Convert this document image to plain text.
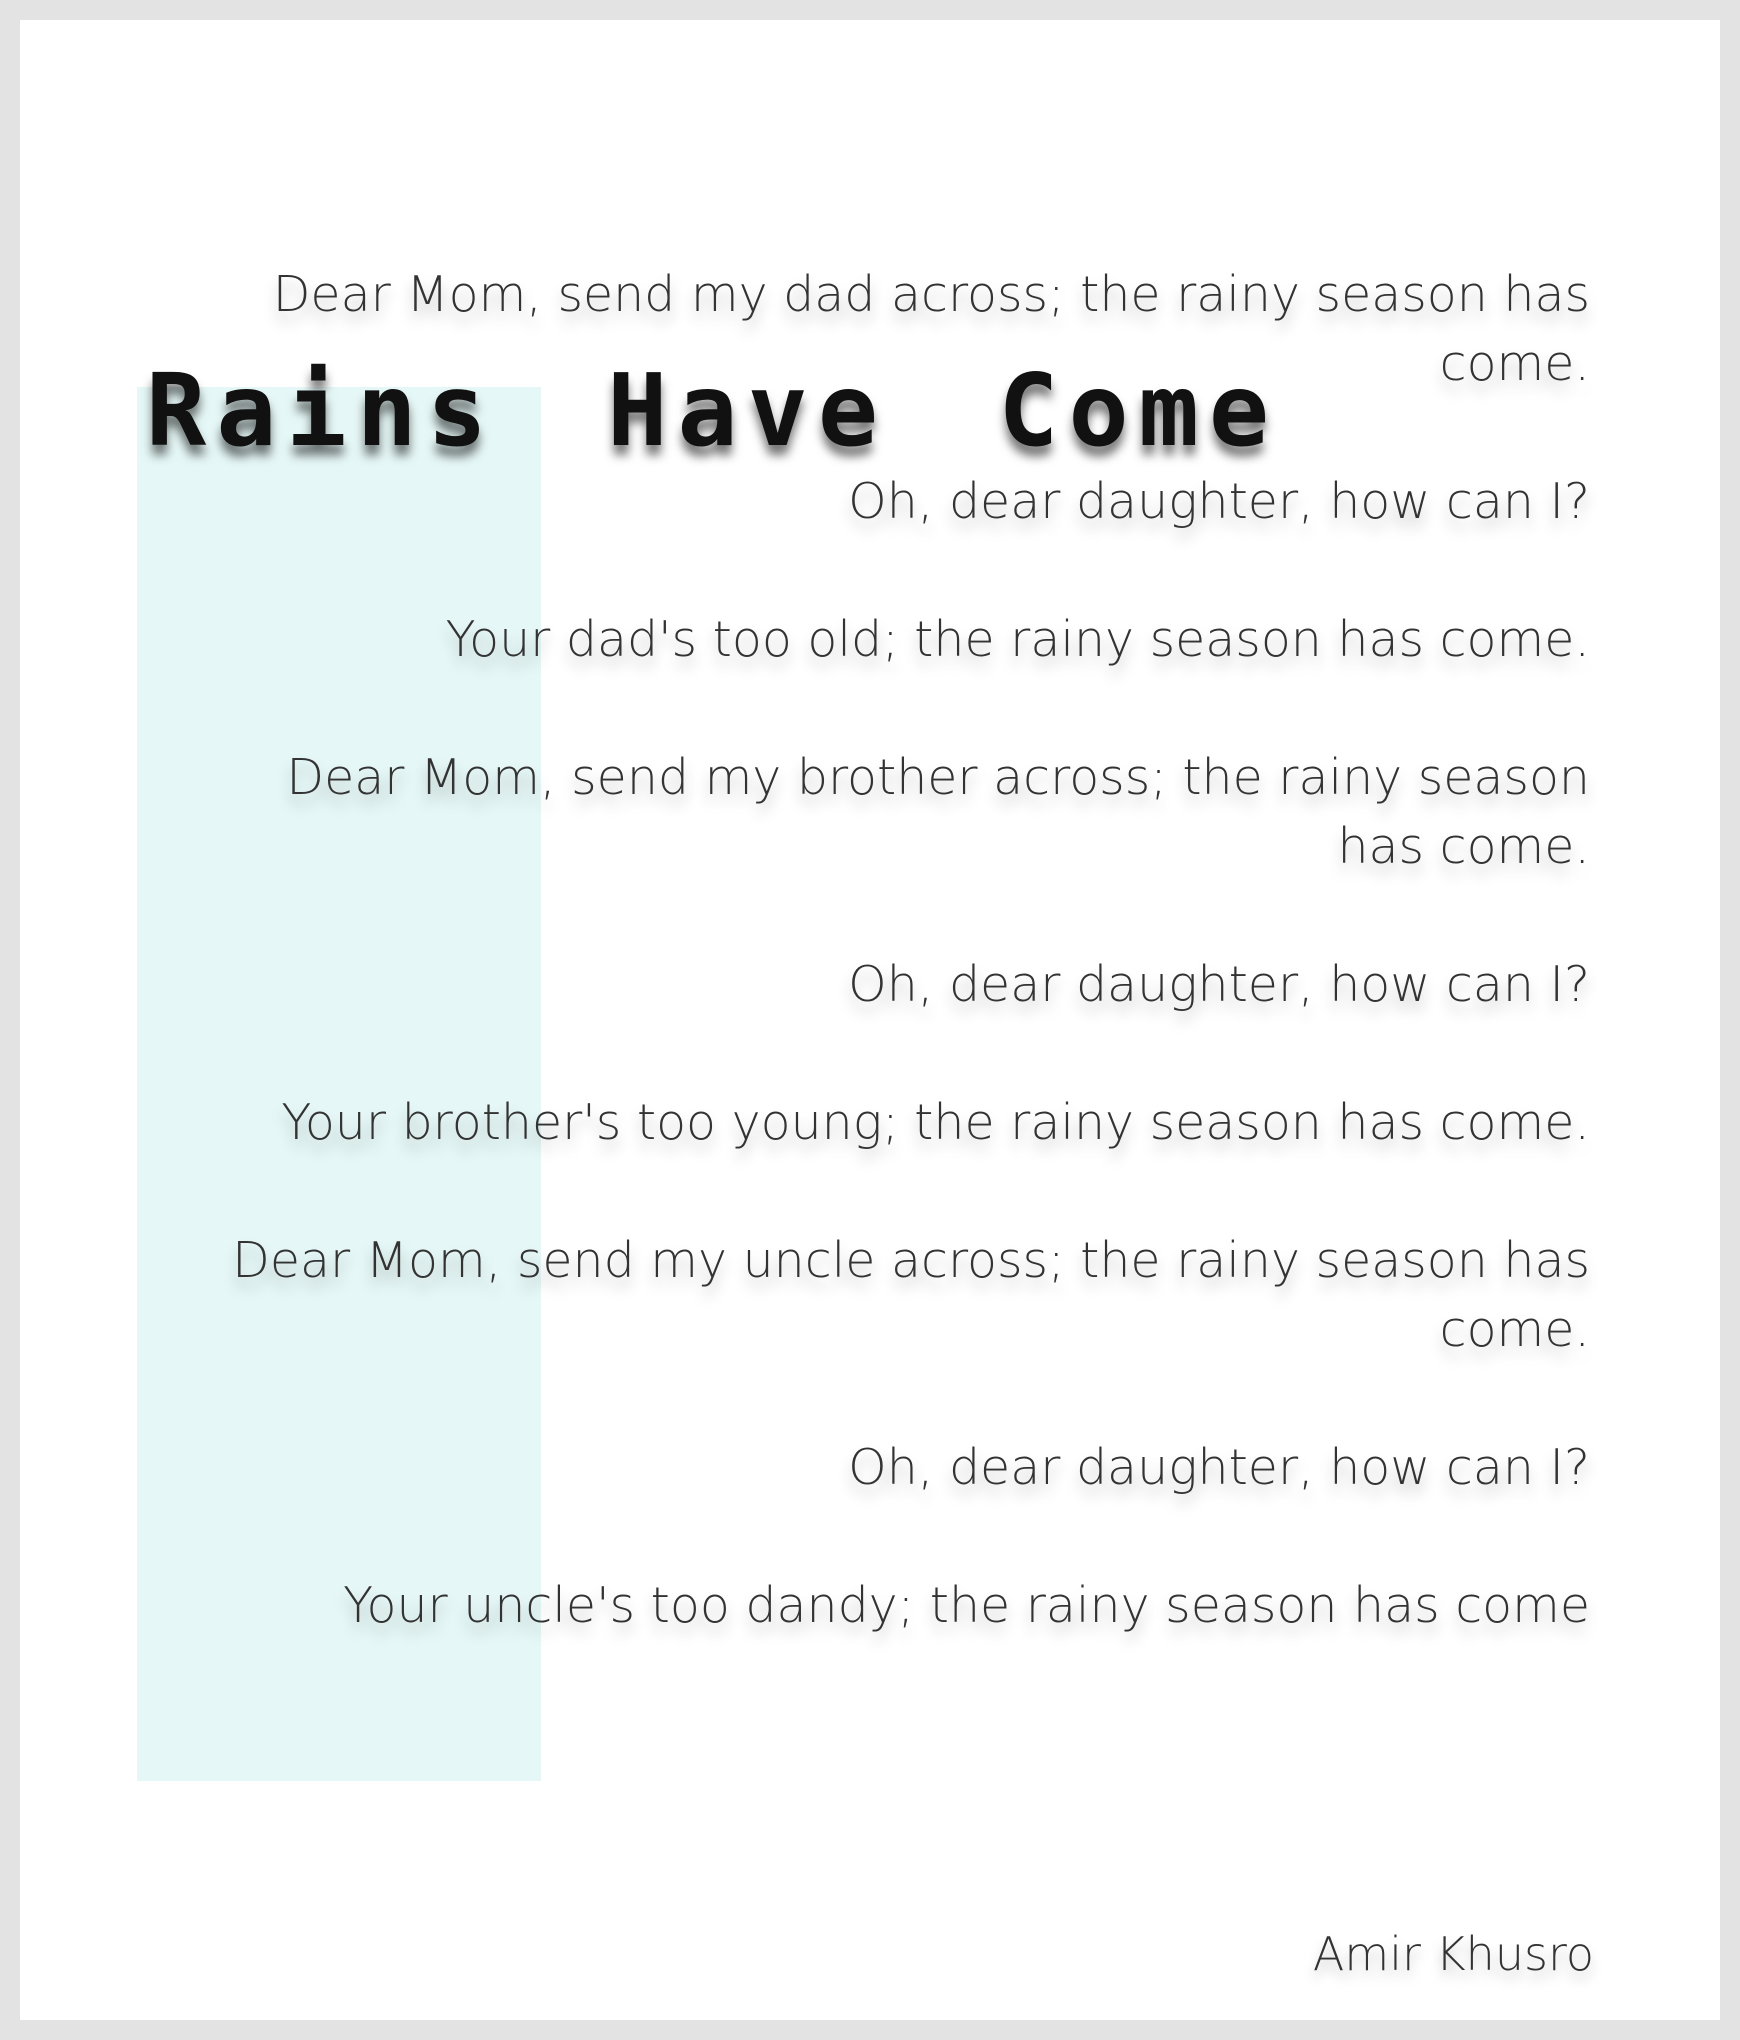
Dear Mom, send my dad across; the rainy season has come.
Oh, dear daughter, how can I?
Your dad's too old; the rainy season has come.
Dear Mom, send my brother across; the rainy season has come.
Oh, dear daughter, how can I?
Your brother's too young; the rainy season has come.
Dear Mom, send my uncle across; the rainy season has come.
Oh, dear daughter, how can I?
Your uncle's too dandy; the rainy season has come
Rains Have Come
Amir Khusro
